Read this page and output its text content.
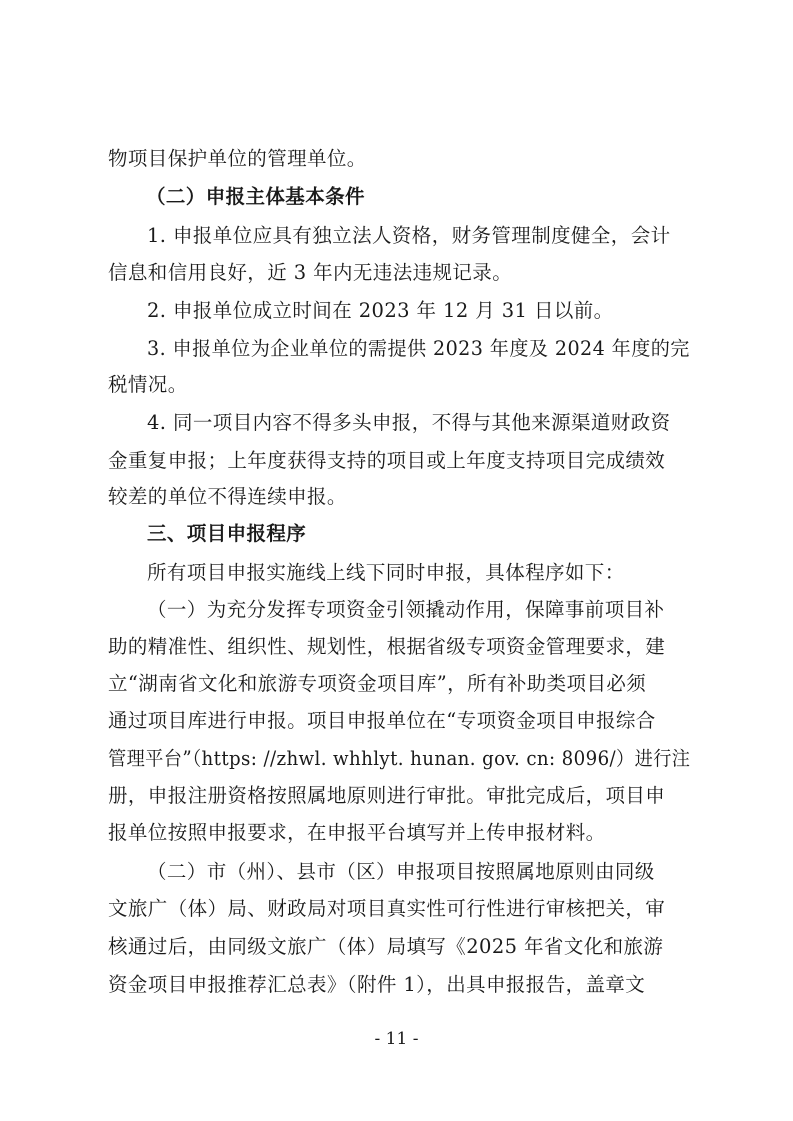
物项目保护单位的管理单位。
（二）申报主体基本条件
1. 申报单位应具有独立法人资格，财务管理制度健全，会计
信息和信用良好，近 3 年内无违法违规记录。
2. 申报单位成立时间在 2023 年 12 月 31 日以前。
3. 申报单位为企业单位的需提供 2023 年度及 2024 年度的完
税情况。
4. 同一项目内容不得多头申报，不得与其他来源渠道财政资
金重复申报；上年度获得支持的项目或上年度支持项目完成绩效
较差的单位不得连续申报。
三、项目申报程序
所有项目申报实施线上线下同时申报，具体程序如下：
（一）为充分发挥专项资金引领撬动作用，保障事前项目补
助的精准性、组织性、规划性，根据省级专项资金管理要求，建
立“湖南省文化和旅游专项资金项目库”，所有补助类项目必须
通过项目库进行申报。项目申报单位在“专项资金项目申报综合
管理平台”（https: //zhwl. whhlyt. hunan. gov. cn: 8096/）进行注
册，申报注册资格按照属地原则进行审批。审批完成后，项目申
报单位按照申报要求，在申报平台填写并上传申报材料。
（二）市（州）、县市（区）申报项目按照属地原则由同级
文旅广（体）局、财政局对项目真实性可行性进行审核把关，审
核通过后，由同级文旅广（体）局填写《2025 年省文化和旅游
资金项目申报推荐汇总表》（附件 1），出具申报报告，盖章文
- 11 -
